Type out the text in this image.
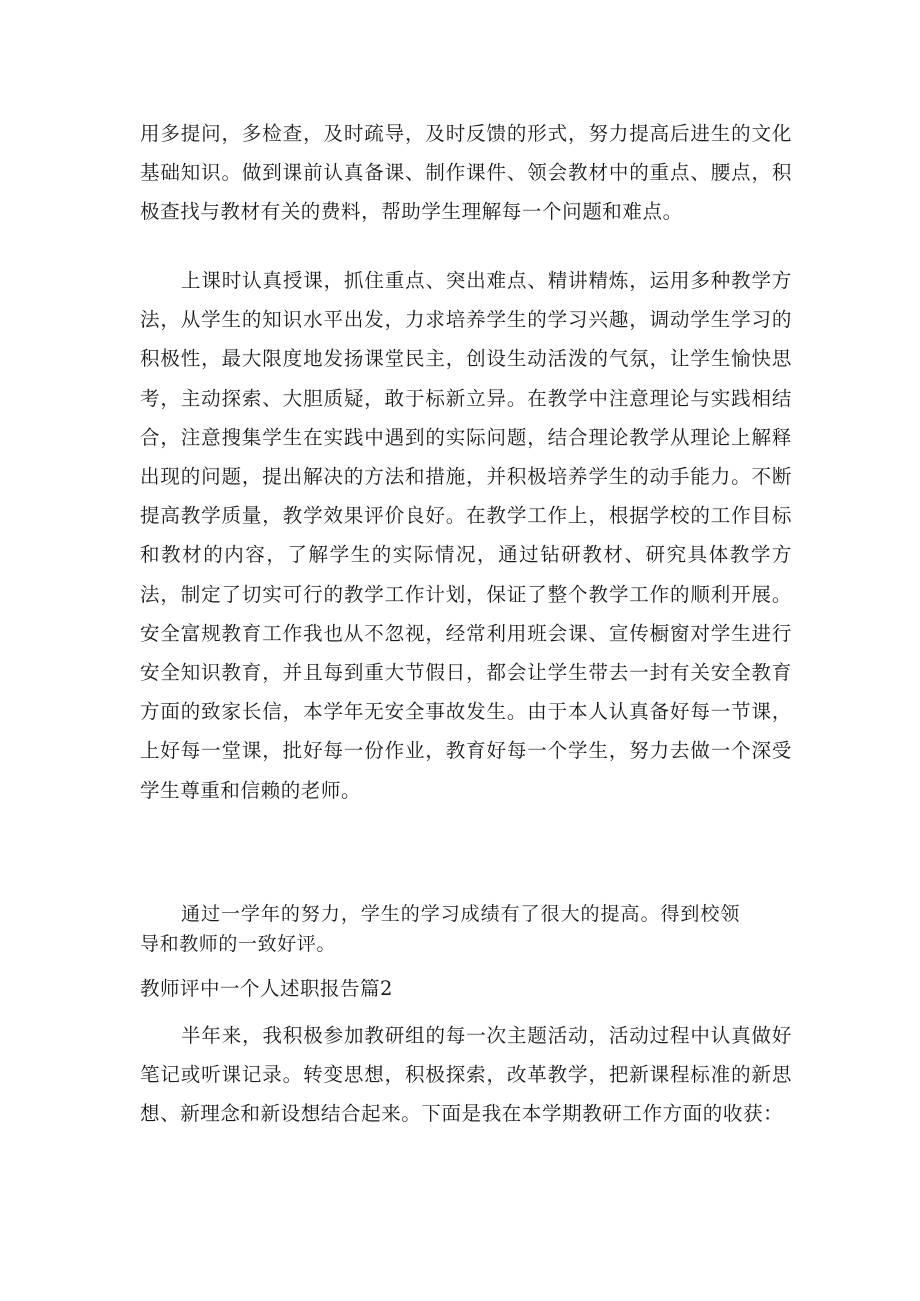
用多提问，多检查，及时疏导，及时反馈的形式，努力提高后进生的文化基础知识。做到课前认真备课、制作课件、领会教材中的重点、腰点，积极查找与教材有关的费料，帮助学生理解每一个问题和难点。

上课时认真授课，抓住重点、突出难点、精讲精炼，运用多种教学方法，从学生的知识水平出发，力求培养学生的学习兴趣，调动学生学习的积极性，最大限度地发扬课堂民主，创设生动活泼的气氛，让学生愉快思考，主动探索、大胆质疑，敢于标新立异。在教学中注意理论与实践相结合，注意搜集学生在实践中遇到的实际问题，结合理论教学从理论上解释出现的问题，提出解决的方法和措施，并积极培养学生的动手能力。不断提高教学质量，教学效果评价良好。在教学工作上，根据学校的工作目标和教材的内容，了解学生的实际情况，通过钻研教材、研究具体教学方法，制定了切实可行的教学工作计划，保证了整个教学工作的顺利开展。安全富规教育工作我也从不忽视，经常利用班会课、宣传橱窗对学生进行安全知识教育，并且每到重大节假日，都会让学生带去一封有关安全教育方面的致家长信，本学年无安全事故发生。由于本人认真备好每一节课，上好每一堂课，批好每一份作业，教育好每一个学生，努力去做一个深受学生尊重和信赖的老师。

通过一学年的努力，学生的学习成绩有了很大的提高。得到校领导和教师的一致好评。

教师评中一个人述职报告篇2

半年来，我积极参加教研组的每一次主题活动，活动过程中认真做好笔记或听课记录。转变思想，积极探索，改革教学，把新课程标准的新思想、新理念和新设想结合起来。下面是我在本学期教研工作方面的收获：
